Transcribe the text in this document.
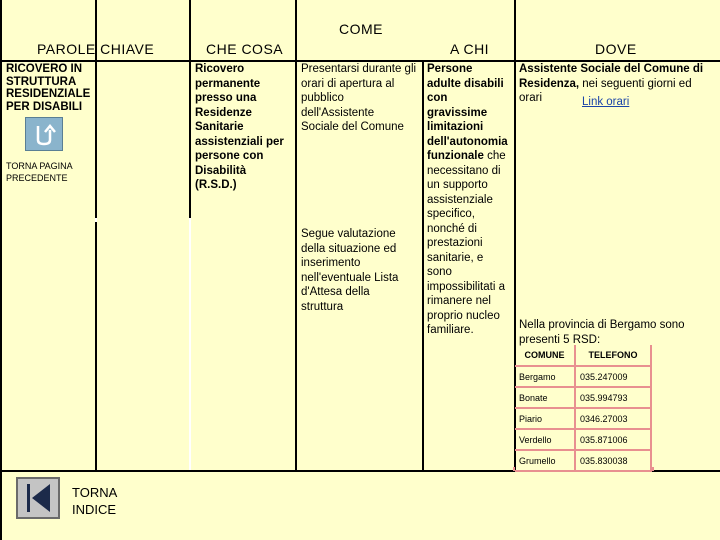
PAROLE CHIAVE	CHE COSA
COME
A CHI	DOVE
RICOVERO IN
STRUTTURA
RESIDENZIALE
PER DISABILI
TORNA PAGINA
PRECEDENTE
Ricovero
permanente
presso una
Residenze
Sanitarie
assistenziali per
persone con
Disabilità
(R.S.D.)
Presentarsi durante gli
orari di apertura al
pubblico
dell'Assistente
Sociale del Comune
Segue valutazione
della situazione ed
inserimento
nell'eventuale Lista
d'Attesa della
struttura
Persone
adulte disabili
con
gravissime
limitazioni
dell'autonomia
funzionale che
necessitano di
un supporto
assistenziale
specifico,
nonché di
prestazioni
sanitarie, e
sono
impossibilitati a
rimanere nel
proprio nucleo
familiare.
Assistente Sociale del Comune di Residenza, nei seguenti giorni ed orari	Link orari
Nella provincia di Bergamo sono presenti 5 RSD:
COMUNE	TELEFONO
Bergamo	035.247009
Bonate	035.994793
Piario	0346.27003
Verdello	035.871006
Grumello	035.830038
TORNA
INDICE
